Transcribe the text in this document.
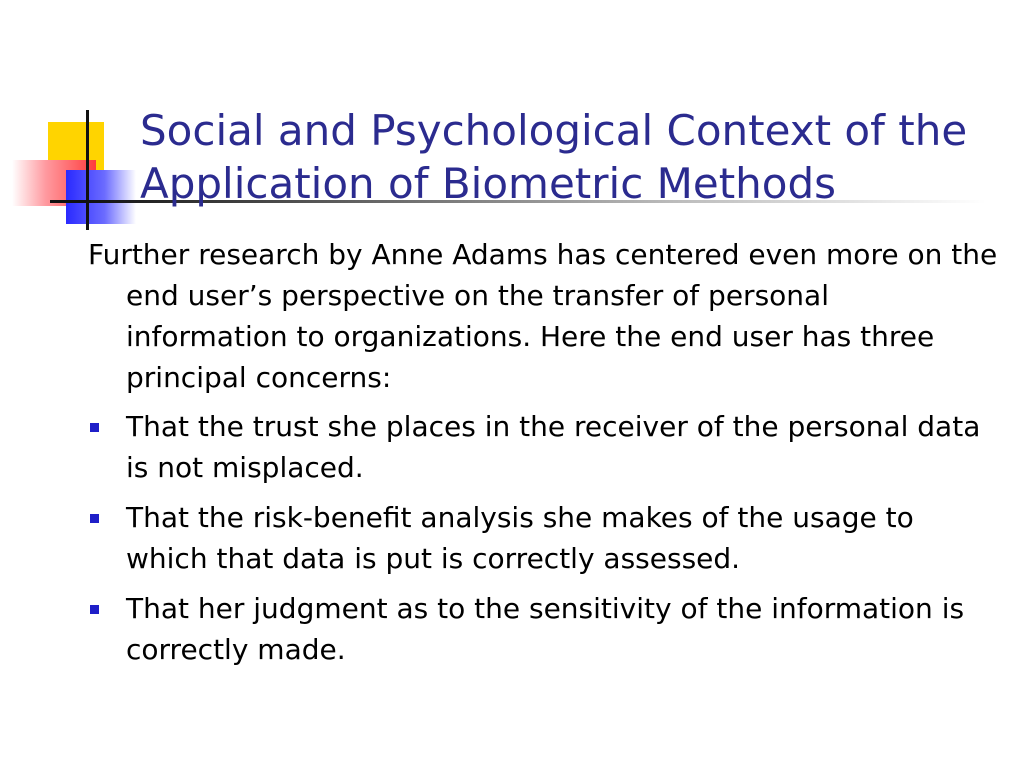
Social and Psychological Context of the Application of Biometric Methods

Further research by Anne Adams has centered even more on the end user’s perspective on the transfer of personal information to organizations. Here the end user has three principal concerns:

That the trust she places in the receiver of the personal data is not misplaced.
That the risk-benefit analysis she makes of the usage to which that data is put is correctly assessed.
That her judgment as to the sensitivity of the information is correctly made.
